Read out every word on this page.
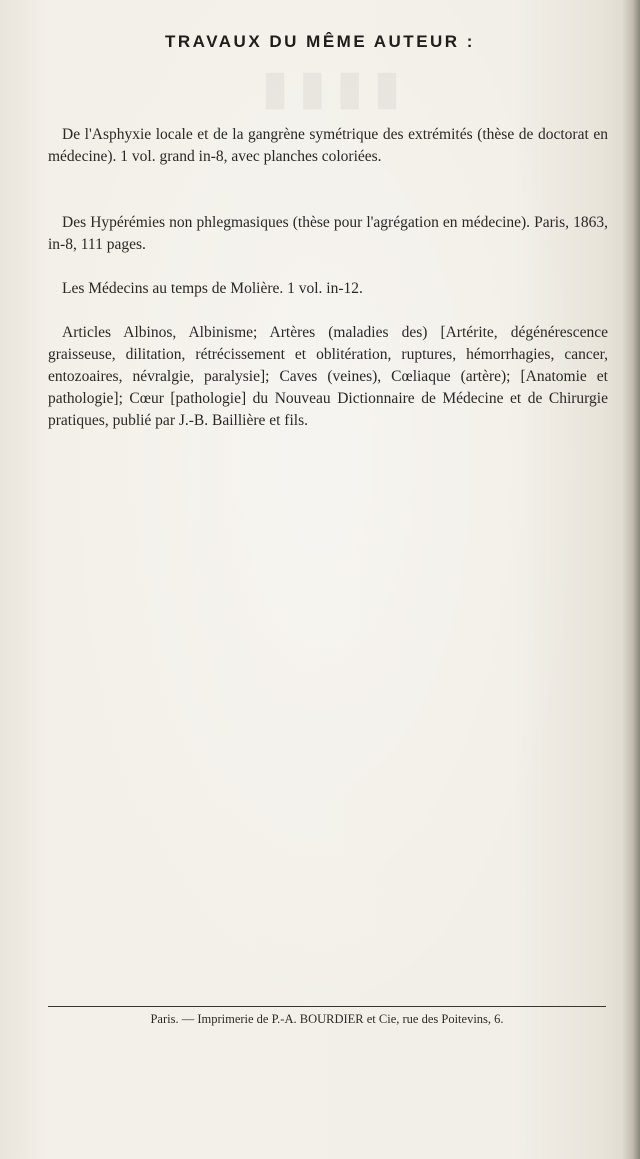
▮▮▮▮
TRAVAUX DU MÊME AUTEUR :

De l'Asphyxie locale et de la gangrène symétrique des extrémités (thèse de doctorat en médecine). 1 vol. grand in-8, avec planches coloriées.

Des Hypérémies non phlegmasiques (thèse pour l'agrégation en médecine). Paris, 1863, in-8, 111 pages.

Les Médecins au temps de Molière. 1 vol. in-12.

Articles Albinos, Albinisme; Artères (maladies des) [Artérite, dégénérescence graisseuse, dilitation, rétrécissement et oblitération, ruptures, hémorrhagies, cancer, entozoaires, névralgie, paralysie]; Caves (veines), Cœliaque (artère); [Anatomie et pathologie]; Cœur [pathologie] du Nouveau Dictionnaire de Médecine et de Chirurgie pratiques, publié par J.-B. Baillière et fils.

Paris. — Imprimerie de P.-A. BOURDIER et Cie, rue des Poitevins, 6.
